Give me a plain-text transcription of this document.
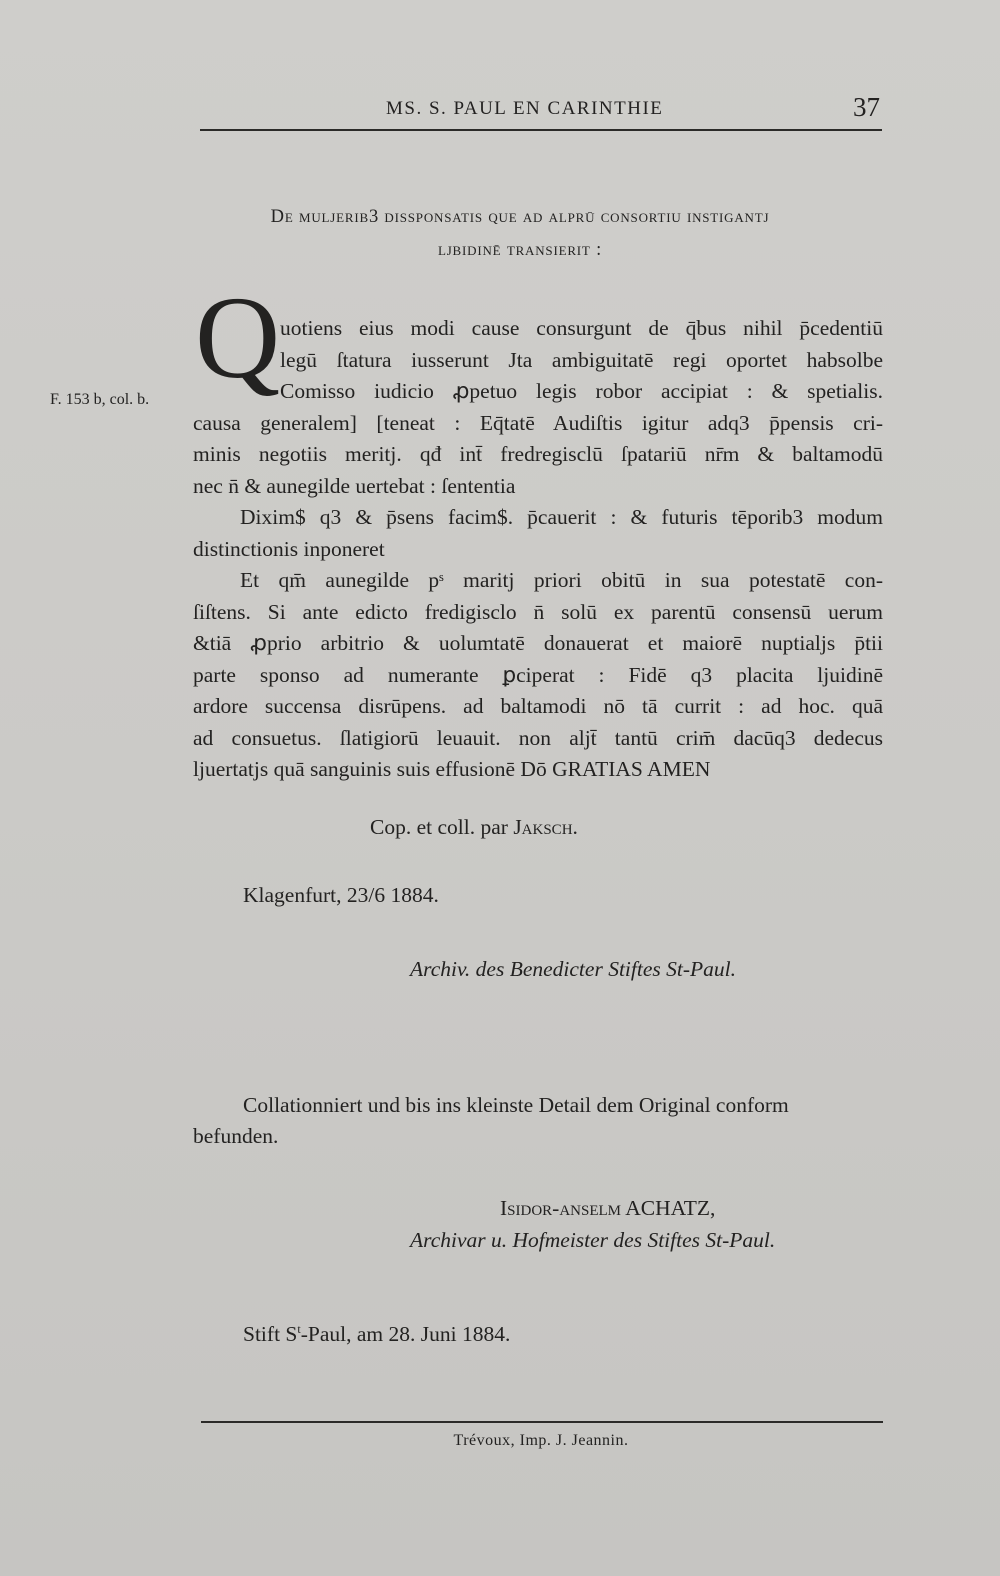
MS. S. PAUL EN CARINTHIE	37
De muljerib3 dissponsatis que ad alprū consortiu inſtigantj
ljbidinē tranſierit :
Q
F. 153 b, col. b.
uotiens eius modi cause consurgunt de q̄bus nihil p̄cedentiū
legū ſtatura iusserunt Jta ambiguitatē regi oportet habsolbe
Comisso iudicio ꝓpetuo legis robor accipiat : & spetialis.
causa generalem] [teneat : Eq̄tatē Audiſtis igitur adq3 p̄pensis cri-
minis negotiis meritj. qđ int̄ fredregisclū ſpatariū nr̄m & baltamodū
nec n̄ & aunegilde uertebat : ſententia
Dixim$ q3 & p̄sens facim$. p̄cauerit : & futuris tēporib3 modum
distinctionis inponeret
Et qm̄ aunegilde pˢ maritj priori obitū in sua potestatē con-
ſiſtens. Si ante edicto fredigisclo n̄ solū ex parentū consensū uerum
&tiā ꝓprio arbitrio & uolumtatē donauerat et maiorē nuptialjs p̄tii
parte sponso ad numerante ꝑciperat : Fidē q3 placita ljuidinē
ardore succensa disrūpens. ad baltamodi nō tā currit : ad hoc. quā
ad consuetus. ſlatigiorū leuauit. non aljt̄ tantū crim̄ dacūq3 dedecus
ljuertatjs quā sanguinis suis effusionē Dō GRATIAS AMEN
Cop. et coll. par Jaksch.
Klagenfurt, 23/6 1884.
Archiv. des Benedicter Stiftes St-Paul.
Collationniert und bis ins kleinste Detail dem Original conform
befunden.
Isidor-anselm ACHATZ,
Archivar u. Hofmeister des Stiftes St-Paul.
Stift $S^t$-Paul, am 28. Juni 1884.
Trévoux, Imp. J. Jeannin.
